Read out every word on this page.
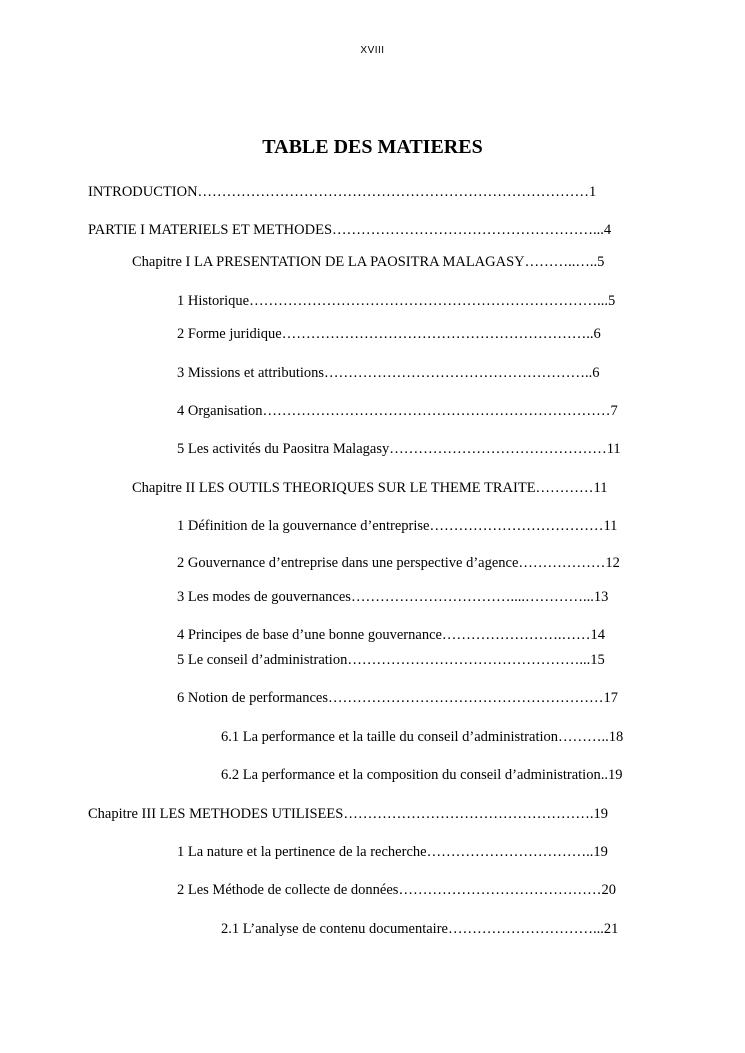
XVIII
TABLE DES MATIERES
INTRODUCTION………………………………………………………………………1
PARTIE I MATERIELS ET METHODES………………………………………………...4
Chapitre I LA PRESENTATION DE LA PAOSITRA MALAGASY………..…..5
1 Historique………………………………………………………………...5
2 Forme juridique………………………………………………………..6
3 Missions et attributions………………………………………………..6
4 Organisation………………………………………………………………7
5 Les activités du Paositra Malagasy………………………………………11
Chapitre II LES OUTILS THEORIQUES SUR LE THEME TRAITE…………11
1 Définition de la gouvernance d’entreprise………………………………11
2 Gouvernance d’entreprise dans une perspective d’agence………………12
3 Les modes de gouvernances……………………………....…………...13
4 Principes de base d’une bonne gouvernance…………………….……14
5 Le conseil d’administration…………………………………………...15
6 Notion de performances…………………………………………………17
6.1 La performance et la taille du conseil d’administration………..18
6.2 La performance et la composition du conseil d’administration..19
Chapitre III LES METHODES UTILISEES…………………………………………….19
1 La nature et la pertinence de la recherche……………………………..19
2 Les Méthode de collecte de données……………………………………20
2.1 L’analyse de contenu documentaire…………………………...21
